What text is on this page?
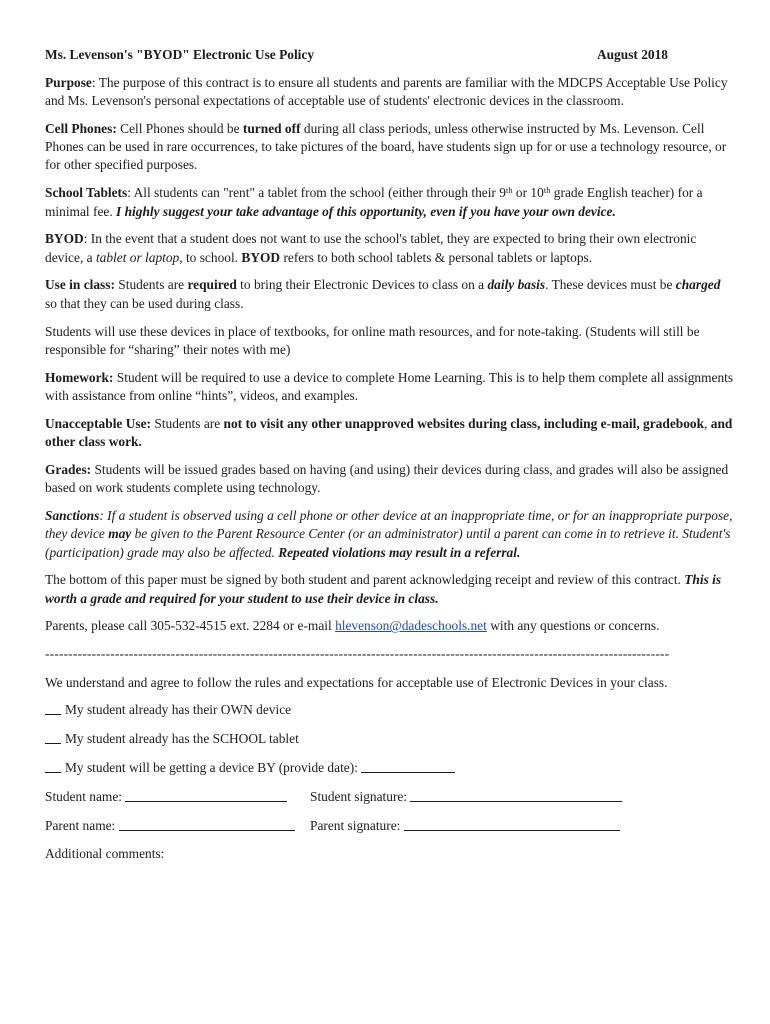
Ms. Levenson's "BYOD" Electronic Use Policy	August 2018

Purpose: The purpose of this contract is to ensure all students and parents are familiar with the MDCPS Acceptable Use Policy and Ms. Levenson's personal expectations of acceptable use of students' electronic devices in the classroom.

Cell Phones: Cell Phones should be turned off during all class periods, unless otherwise instructed by Ms. Levenson. Cell Phones can be used in rare occurrences, to take pictures of the board, have students sign up for or use a technology resource, or for other specified purposes.

School Tablets: All students can "rent" a tablet from the school (either through their 9th or 10th grade English teacher) for a minimal fee. I highly suggest your take advantage of this opportunity, even if you have your own device.

BYOD: In the event that a student does not want to use the school's tablet, they are expected to bring their own electronic device, a tablet or laptop, to school. BYOD refers to both school tablets & personal tablets or laptops.

Use in class: Students are required to bring their Electronic Devices to class on a daily basis. These devices must be charged so that they can be used during class.

Students will use these devices in place of textbooks, for online math resources, and for note-taking. (Students will still be responsible for “sharing” their notes with me)

Homework: Student will be required to use a device to complete Home Learning. This is to help them complete all assignments with assistance from online “hints”, videos, and examples.

Unacceptable Use: Students are not to visit any other unapproved websites during class, including e-mail, gradebook, and other class work.

Grades: Students will be issued grades based on having (and using) their devices during class, and grades will also be assigned based on work students complete using technology.

Sanctions: If a student is observed using a cell phone or other device at an inappropriate time, or for an inappropriate purpose, they device may be given to the Parent Resource Center (or an administrator) until a parent can come in to retrieve it. Student's (participation) grade may also be affected. Repeated violations may result in a referral.

The bottom of this paper must be signed by both student and parent acknowledging receipt and review of this contract. This is worth a grade and required for your student to use their device in class.

Parents, please call 305-532-4515 ext. 2284 or e-mail hlevenson@dadeschools.net with any questions or concerns.

--------------------------------------------------------------------------------------------------------------------------------------

We understand and agree to follow the rules and expectations for acceptable use of Electronic Devices in your class.

My student already has their OWN device
My student already has the SCHOOL tablet
My student will be getting a device BY (provide date):
Student name:	Student signature:
Parent name:	Parent signature:

Additional comments:
